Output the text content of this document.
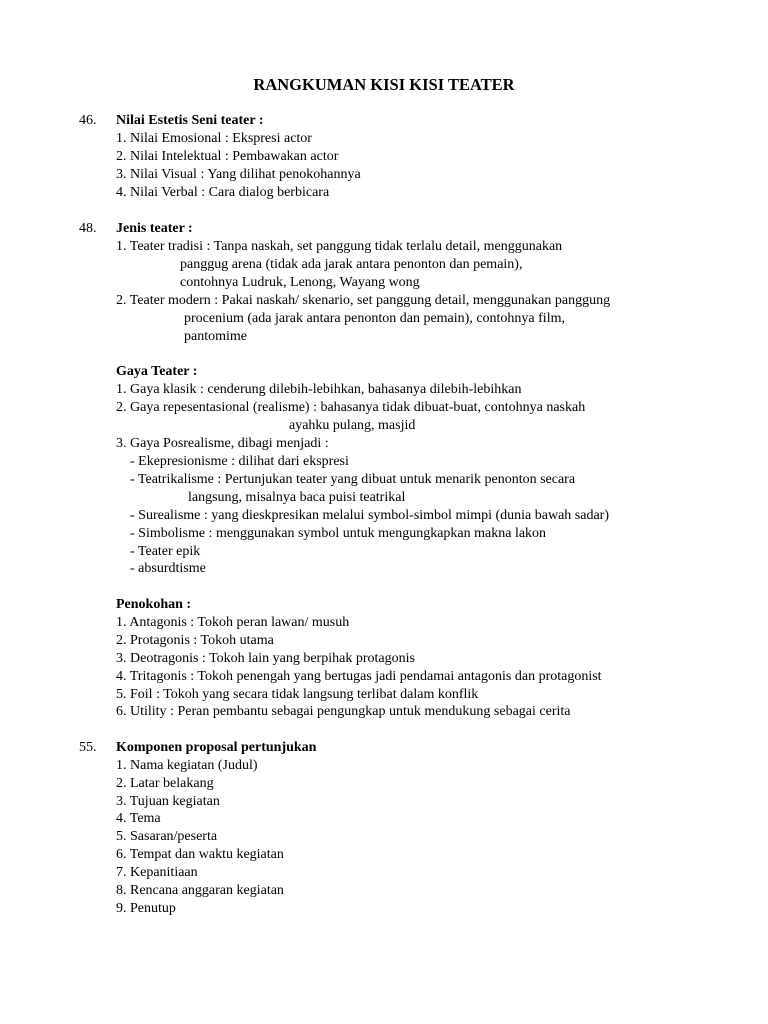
RANGKUMAN KISI KISI TEATER
46. Nilai Estetis Seni teater :
1. Nilai Emosional : Ekspresi actor
2. Nilai Intelektual : Pembawakan actor
3. Nilai Visual : Yang dilihat penokohannya
4. Nilai Verbal : Cara dialog berbicara
48. Jenis teater :
1. Teater tradisi : Tanpa naskah, set panggung tidak terlalu detail, menggunakan
panggug arena (tidak ada jarak antara penonton dan pemain),
contohnya Ludruk, Lenong, Wayang wong
2. Teater modern : Pakai naskah/ skenario, set panggung detail, menggunakan panggung
procenium (ada jarak antara penonton dan pemain), contohnya film,
pantomime
Gaya Teater :
1. Gaya klasik : cenderung dilebih-lebihkan, bahasanya dilebih-lebihkan
2. Gaya repesentasional (realisme) : bahasanya tidak dibuat-buat, contohnya naskah
ayahku pulang, masjid
3. Gaya Posrealisme, dibagi menjadi :
- Ekepresionisme : dilihat dari ekspresi
- Teatrikalisme : Pertunjukan teater yang dibuat untuk menarik penonton secara
langsung, misalnya baca puisi teatrikal
- Surealisme : yang dieskpresikan melalui symbol-simbol mimpi (dunia bawah sadar)
- Simbolisme : menggunakan symbol untuk mengungkapkan makna lakon
- Teater epik
- absurdtisme
Penokohan :
1. Antagonis : Tokoh peran lawan/ musuh
2. Protagonis : Tokoh utama
3. Deotragonis : Tokoh lain yang berpihak protagonis
4. Tritagonis : Tokoh penengah yang bertugas jadi pendamai antagonis dan protagonist
5. Foil : Tokoh yang secara tidak langsung terlibat dalam konflik
6. Utility : Peran pembantu sebagai pengungkap untuk mendukung sebagai cerita
55. Komponen proposal pertunjukan
1. Nama kegiatan (Judul)
2. Latar belakang
3. Tujuan kegiatan
4. Tema
5. Sasaran/peserta
6. Tempat dan waktu kegiatan
7. Kepanitiaan
8. Rencana anggaran kegiatan
9. Penutup
